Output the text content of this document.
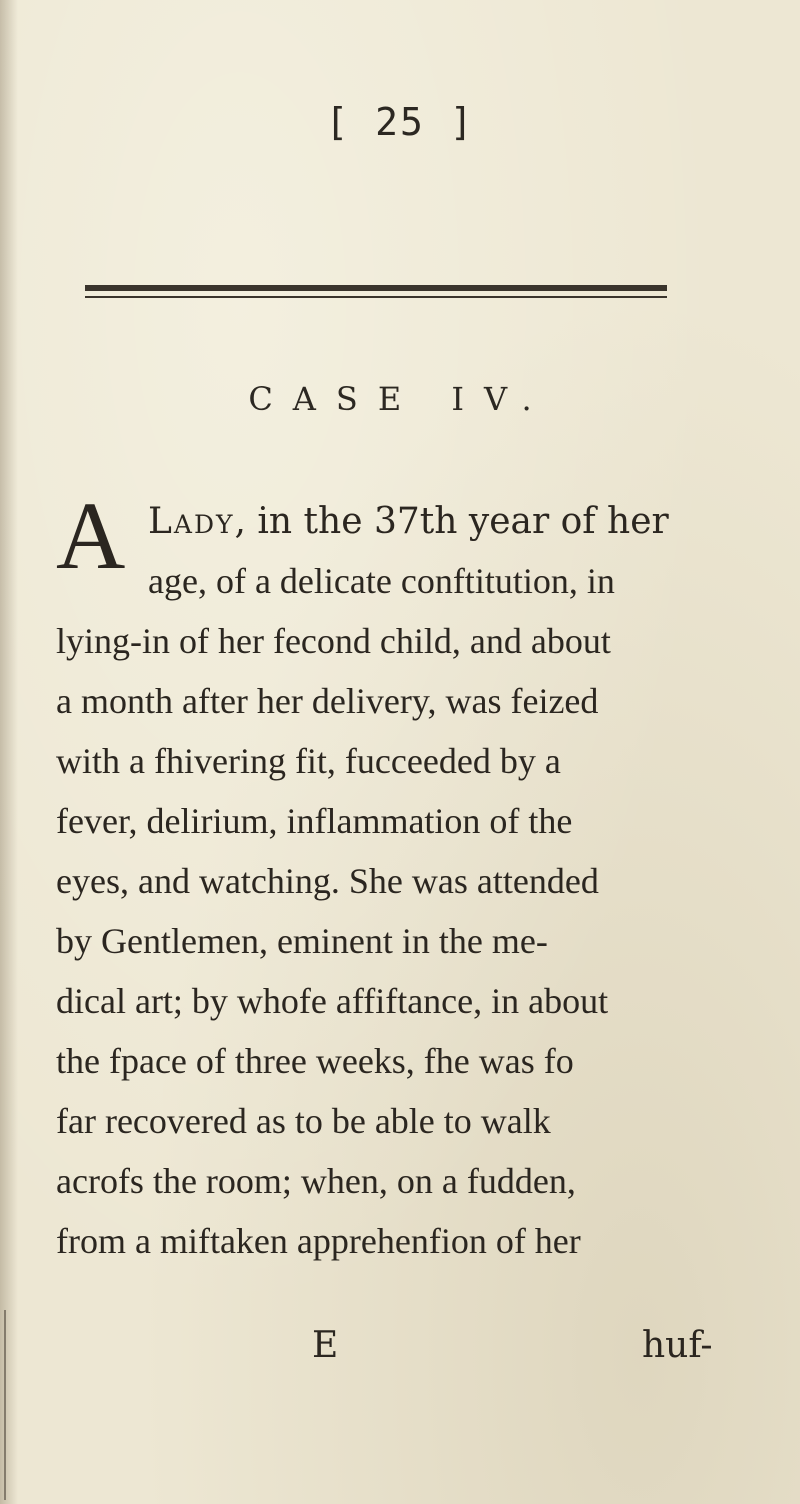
[ 25 ]
CASE IV.
A Lady, in the 37th year of her
age, of a delicate conftitution, in
lying-in of her fecond child, and about
a month after her delivery, was feized
with a fhivering fit, fucceeded by a
fever, delirium, inflammation of the
eyes, and watching. She was attended
by Gentlemen, eminent in the me-
dical art; by whofe affiftance, in about
the fpace of three weeks, fhe was fo
far recovered as to be able to walk
acrofs the room; when, on a fudden,
from a miftaken apprehenfion of her
E	huf-
